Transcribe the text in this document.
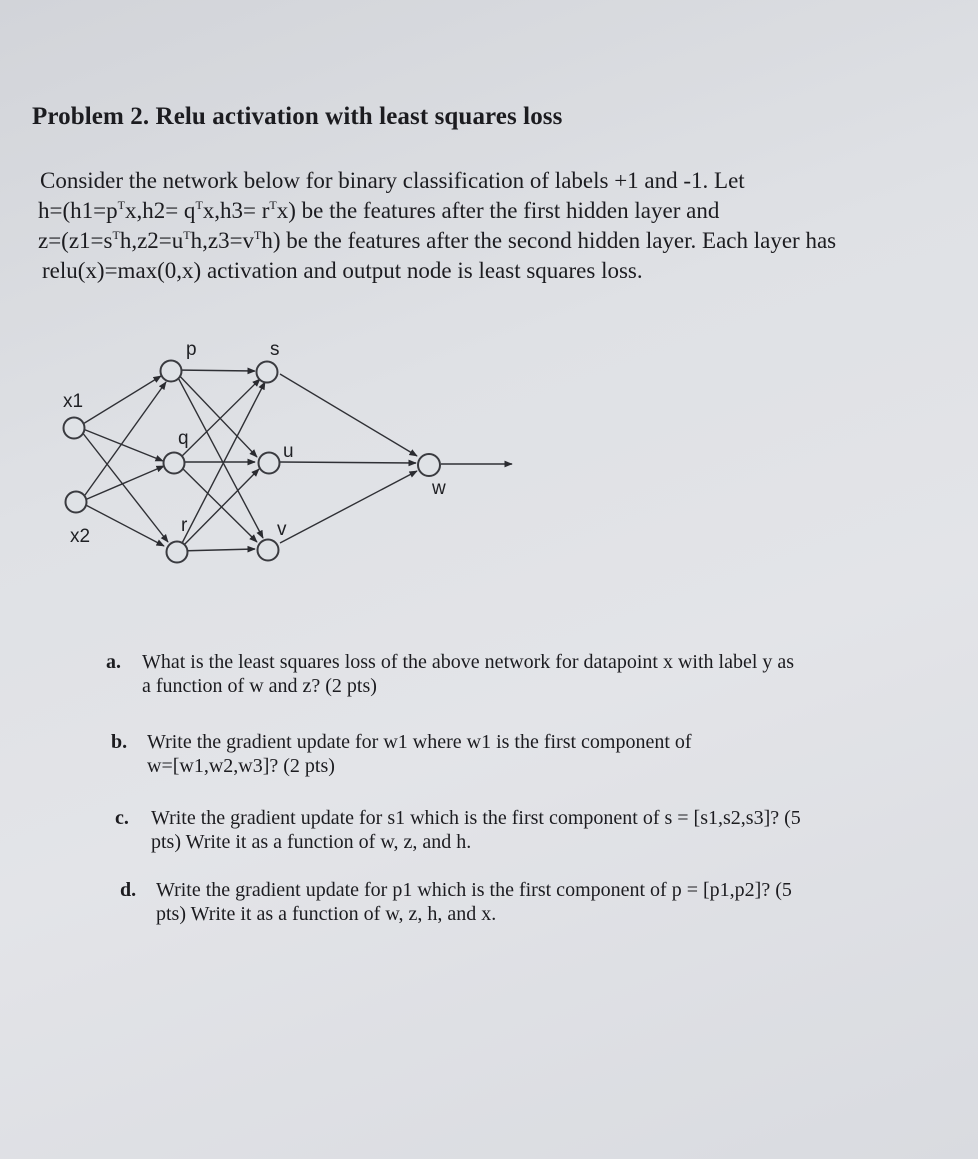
Problem 2. Relu activation with least squares loss
Consider the network below for binary classification of labels +1 and -1. Let
$h=(h1=p^Tx,h2= q^Tx,h3= r^Tx)$ be the features after the first hidden layer and
$z=(z1=s^Th,z2=u^Th,z3=v^Th)$ be the features after the second hidden layer. Each layer has
relu(x)=max(0,x) activation and output node is least squares loss.
x1
x2
p
q
r
s
u
v
w
a. What is the least squares loss of the above network for datapoint x with label y as
a function of w and z? (2 pts)
b. Write the gradient update for w1 where w1 is the first component of
w=[w1,w2,w3]? (2 pts)
c. Write the gradient update for s1 which is the first component of s = [s1,s2,s3]? (5
pts) Write it as a function of w, z, and h.
d. Write the gradient update for p1 which is the first component of p = [p1,p2]? (5
pts) Write it as a function of w, z, h, and x.
